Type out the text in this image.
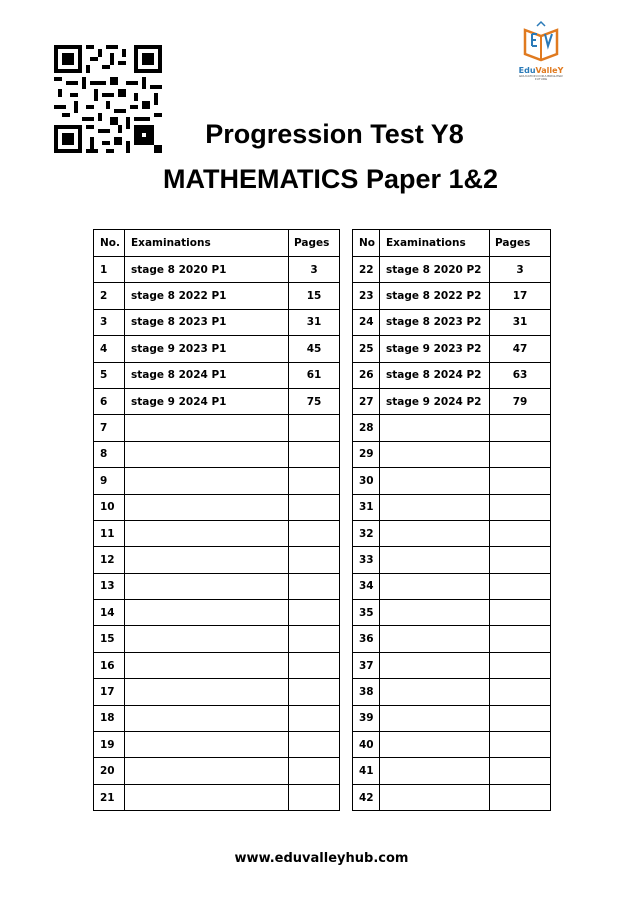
EduValleY
EDUCATION FOR A BRIGHTER FUTURE
Progression Test Y8
MATHEMATICS Paper 1&2
No.	Examinations	Pages		No	Examinations	Pages
1	stage 8 2020 P1	3		22	stage 8 2020 P2	3
2	stage 8 2022 P1	15		23	stage 8 2022 P2	17
3	stage 8 2023 P1	31		24	stage 8 2023 P2	31
4	stage 9 2023 P1	45		25	stage 9 2023 P2	47
5	stage 8 2024 P1	61		26	stage 8 2024 P2	63
6	stage 9 2024 P1	75		27	stage 9 2024 P2	79
7				28		
8				29		
9				30		
10				31		
11				32		
12				33		
13				34		
14				35		
15				36		
16				37		
17				38		
18				39		
19				40		
20				41		
21				42		
www.eduvalleyhub.com
